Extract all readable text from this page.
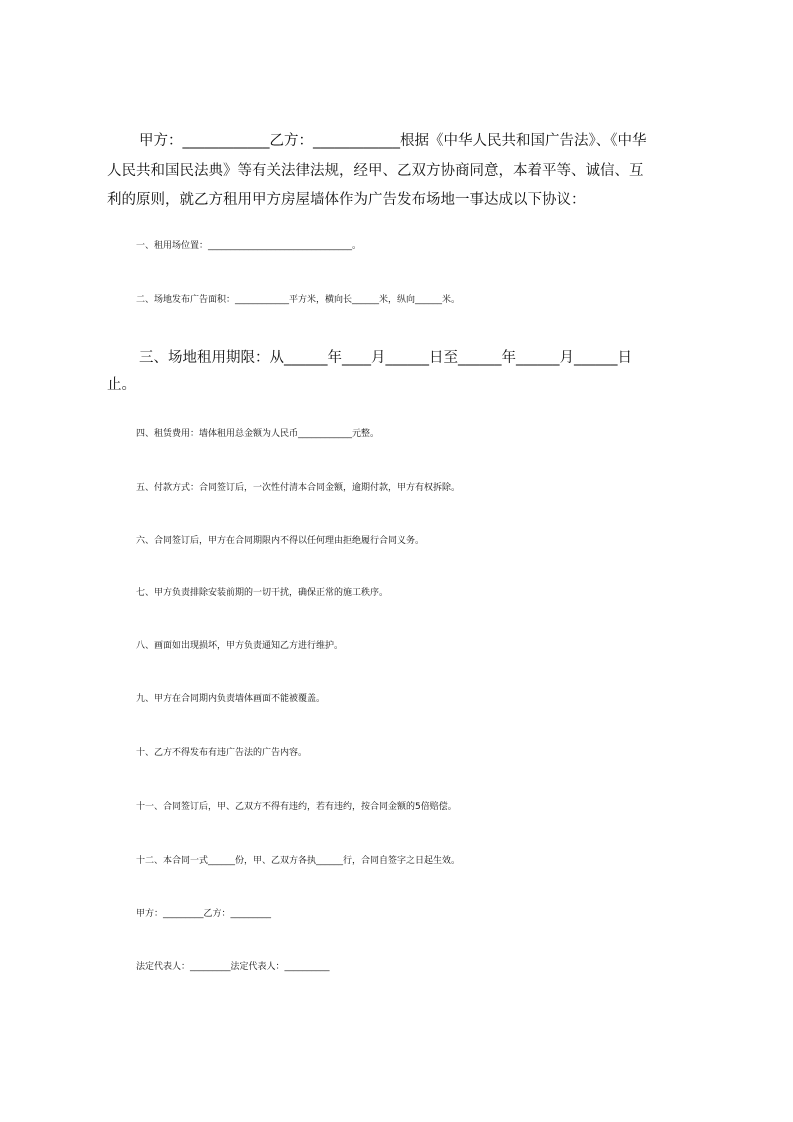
甲方：____________乙方：____________根据《中华人民共和国广告法》、《中华

人民共和国民法典》等有关法律法规，经甲、乙双方协商同意，本着平等、诚信、互

利的原则，就乙方租用甲方房屋墙体作为广告发布场地一事达成以下协议：

一、租用场位置：________________________________。

二、场地发布广告面积：____________平方米，横向长______米，纵向______米。

三、场地租用期限：从______年____月______日至______年______月______日

止。

四、租赁费用：墙体租用总金额为人民币____________元整。

五、付款方式：合同签订后，一次性付清本合同金额，逾期付款，甲方有权拆除。

六、合同签订后，甲方在合同期限内不得以任何理由拒绝履行合同义务。

七、甲方负责排除安装前期的一切干扰，确保正常的施工秩序。

八、画面如出现损坏，甲方负责通知乙方进行维护。

九、甲方在合同期内负责墙体画面不能被覆盖。

十、乙方不得发布有违广告法的广告内容。

十一、合同签订后，甲、乙双方不得有违约，若有违约，按合同金额的5倍赔偿。

十二、本合同一式______份，甲、乙双方各执______行，合同自签字之日起生效。

甲方：_________乙方：_________

法定代表人：_________法定代表人：__________
